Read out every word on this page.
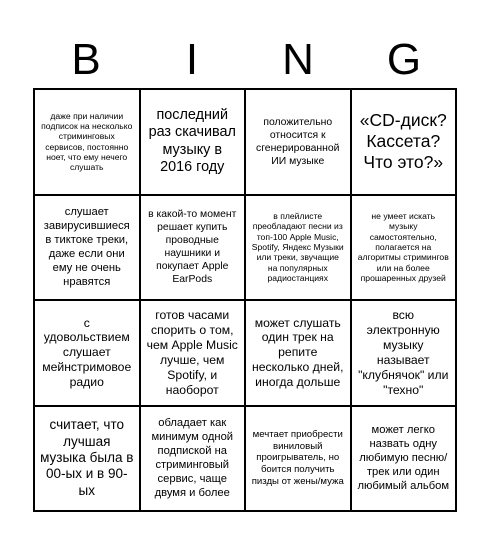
B	I	N	G
даже при наличии подписок на несколько стриминговых сервисов, постоянно ноет, что ему нечего слушать
последний раз скачивал музыку в 2016 году
положительно относится к сгенерированной ИИ музыке
«CD-диск? Кассета? Что это?»
слушает завирусившиеся в тиктоке треки, даже если они ему не очень нравятся
в какой-то момент решает купить проводные наушники и покупает Apple EarPods
в плейлисте преобладают песни из топ-100 Apple Music, Spotify, Яндекс Музыки или треки, звучащие на популярных радиостанциях
не умеет искать музыку самостоятельно, полагается на алгоритмы стримингов или на более прошаренных друзей
с удовольствием слушает мейнстримовое радио
готов часами спорить о том, чем Apple Music лучше, чем Spotify, и наоборот
может слушать один трек на репите несколько дней, иногда дольше
всю электронную музыку называет "клубнячок" или "техно"
считает, что лучшая музыка была в 00-ых и в 90-ых
обладает как минимум одной подпиской на стриминговый сервис, чаще двумя и более
мечтает приобрести виниловый проигрыватель, но боится получить пизды от жены/мужа
может легко назвать одну любимую песню/трек или один любимый альбом
